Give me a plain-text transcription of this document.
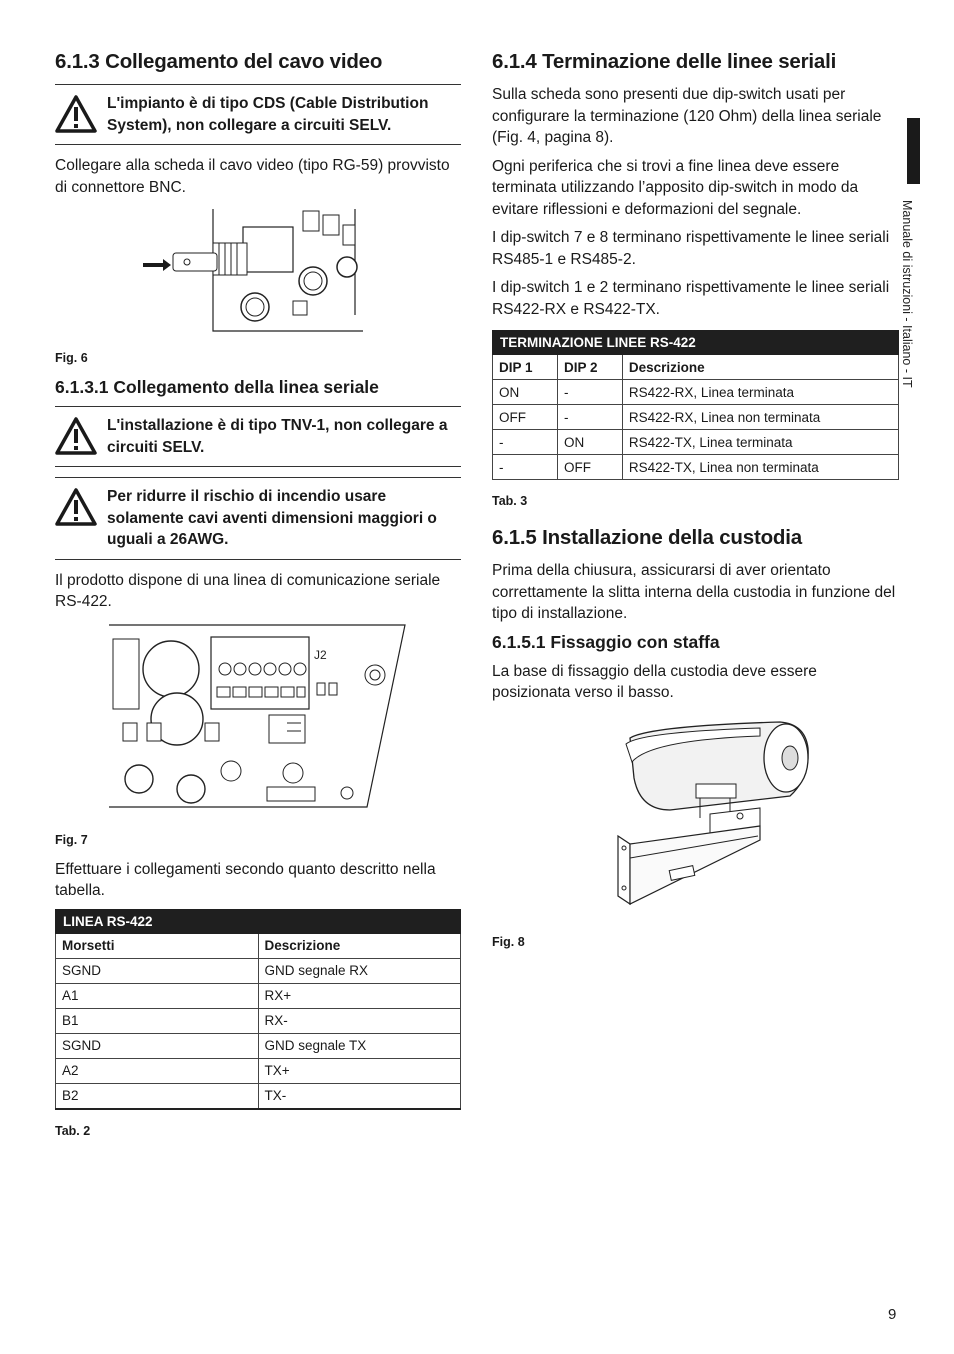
6.1.3 Collegamento del cavo video
L'impianto è di tipo CDS (Cable Distribution System), non collegare a circuiti SELV.

Collegare alla scheda il cavo video (tipo RG-59) provvisto di connettore BNC.

Fig. 6
6.1.3.1 Collegamento della linea seriale
L'installazione è di tipo TNV-1, non collegare a circuiti SELV.
Per ridurre il rischio di incendio usare solamente cavi aventi dimensioni maggiori o uguali a 26AWG.

Il prodotto dispone di una linea di comunicazione seriale RS-422.

J2
Fig. 7

Effettuare i collegamenti secondo quanto descritto nella tabella.

LINEA RS-422	
Morsetti	Descrizione
SGND	GND segnale RX
A1	RX+
B1	RX-
SGND	GND segnale TX
A2	TX+
B2	TX-
Tab. 2
6.1.4 Terminazione delle linee seriali

Sulla scheda sono presenti due dip-switch usati per configurare la terminazione (120 Ohm) della linea seriale (Fig. 4, pagina 8).

Ogni periferica che si trovi a fine linea deve essere terminata utilizzando l’apposito dip-switch in modo da evitare riflessioni e deformazioni del segnale.

I dip-switch 7 e 8 terminano rispettivamente le linee seriali RS485-1 e RS485-2.

I dip-switch 1 e 2 terminano rispettivamente le linee seriali RS422-RX e RS422-TX.

TERMINAZIONE LINEE RS-422		
DIP 1	DIP 2	Descrizione
ON	-	RS422-RX, Linea terminata
OFF	-	RS422-RX, Linea non terminata
-	ON	RS422-TX, Linea terminata
-	OFF	RS422-TX, Linea non terminata
Tab. 3
6.1.5 Installazione della custodia

Prima della chiusura, assicurarsi di aver orientato correttamente la slitta interna della custodia in funzione del tipo di installazione.

6.1.5.1 Fissaggio con staffa

La base di fissaggio della custodia deve essere posizionata verso il basso.

Fig. 8
Manuale di istruzioni - Italiano - IT
9
